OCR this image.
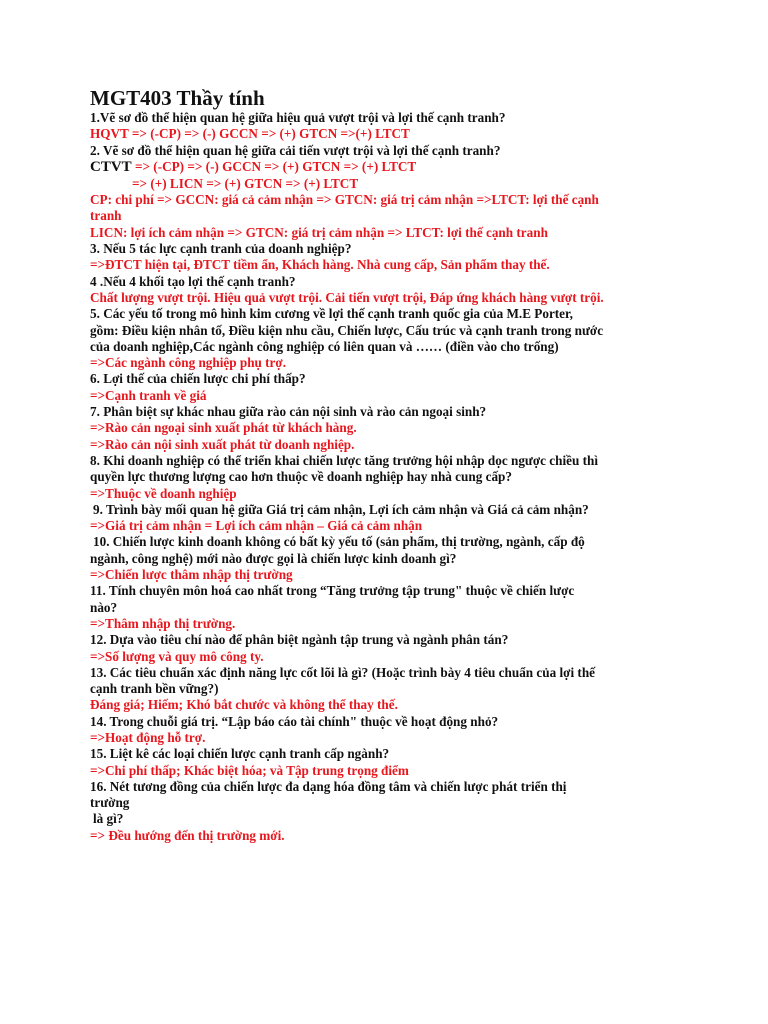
MGT403 Thầy tính
1.Vẽ sơ đồ thể hiện quan hệ giữa hiệu quả vượt trội và lợi thế cạnh tranh?
HQVT => (-CP) => (-) GCCN => (+) GTCN =>(+) LTCT
2. Vẽ sơ đồ thể hiện quan hệ giữa cải tiến vượt trội và lợi thế cạnh tranh?
CTVT => (-CP) => (-) GCCN => (+) GTCN => (+) LTCT
=> (+) LICN => (+) GTCN => (+) LTCT
CP: chi phí => GCCN: giá cả cảm nhận => GTCN: giá trị cảm nhận =>LTCT: lợi thế cạnh
tranh
LICN: lợi ích cảm nhận => GTCN: giá trị cảm nhận => LTCT: lợi thế cạnh tranh
3. Nếu 5 tác lực cạnh tranh của doanh nghiệp?
=>ĐTCT hiện tại, ĐTCT tiềm ẩn, Khách hàng. Nhà cung cấp, Sản phẩm thay thế.
4 .Nếu 4 khối tạo lợi thế cạnh tranh?
Chất lượng vượt trội. Hiệu quả vượt trội. Cải tiến vượt trội, Đáp ứng khách hàng vượt trội.
5. Các yếu tố trong mô hình kim cương về lợi thế cạnh tranh quốc gia của M.E Porter,
gồm: Điều kiện nhân tố, Điều kiện nhu cầu, Chiến lược, Cấu trúc và cạnh tranh trong nước
của doanh nghiệp,Các ngành công nghiệp có liên quan và …… (điền vào cho trống)
=>Các ngành công nghiệp phụ trợ.
6. Lợi thế của chiến lược chi phí thấp?
=>Cạnh tranh về giá
7. Phân biệt sự khác nhau giữa rào cản nội sinh và rào cản ngoại sinh?
=>Rào cản ngoại sinh xuất phát từ khách hàng.
=>Rào cản nội sinh xuất phát từ doanh nghiệp.
8. Khi doanh nghiệp có thể triển khai chiến lược tăng trưởng hội nhập dọc ngược chiều thì
quyền lực thương lượng cao hơn thuộc về doanh nghiệp hay nhà cung cấp?
=>Thuộc về doanh nghiệp
9. Trình bày mối quan hệ giữa Giá trị cảm nhận, Lợi ích cảm nhận và Giá cả cảm nhận?
=>Giá trị cảm nhận = Lợi ích cảm nhận – Giá cả cảm nhận
10. Chiến lược kinh doanh không có bất kỳ yếu tố (sản phẩm, thị trường, ngành, cấp độ
ngành, công nghệ) mới nào được gọi là chiến lược kinh doanh gì?
=>Chiến lược thâm nhập thị trường
11. Tính chuyên môn hoá cao nhất trong “Tăng trưởng tập trung" thuộc về chiến lược
nào?
=>Thâm nhập thị trường.
12. Dựa vào tiêu chí nào để phân biệt ngành tập trung và ngành phân tán?
=>Số lượng và quy mô công ty.
13. Các tiêu chuẩn xác định năng lực cốt lõi là gì? (Hoặc trình bày 4 tiêu chuẩn của lợi thế
cạnh tranh bền vững?)
Đáng giá; Hiếm; Khó bắt chước và không thể thay thế.
14. Trong chuỗi giá trị. “Lập báo cáo tài chính" thuộc về hoạt động nhỏ?
=>Hoạt động hỗ trợ.
15. Liệt kê các loại chiến lược cạnh tranh cấp ngành?
=>Chi phí thấp; Khác biệt hóa; và Tập trung trọng điểm
16. Nét tương đồng của chiến lược đa dạng hóa đồng tâm và chiến lược phát triển thị
trường
là gì?
=> Đều hướng đến thị trường mới.
